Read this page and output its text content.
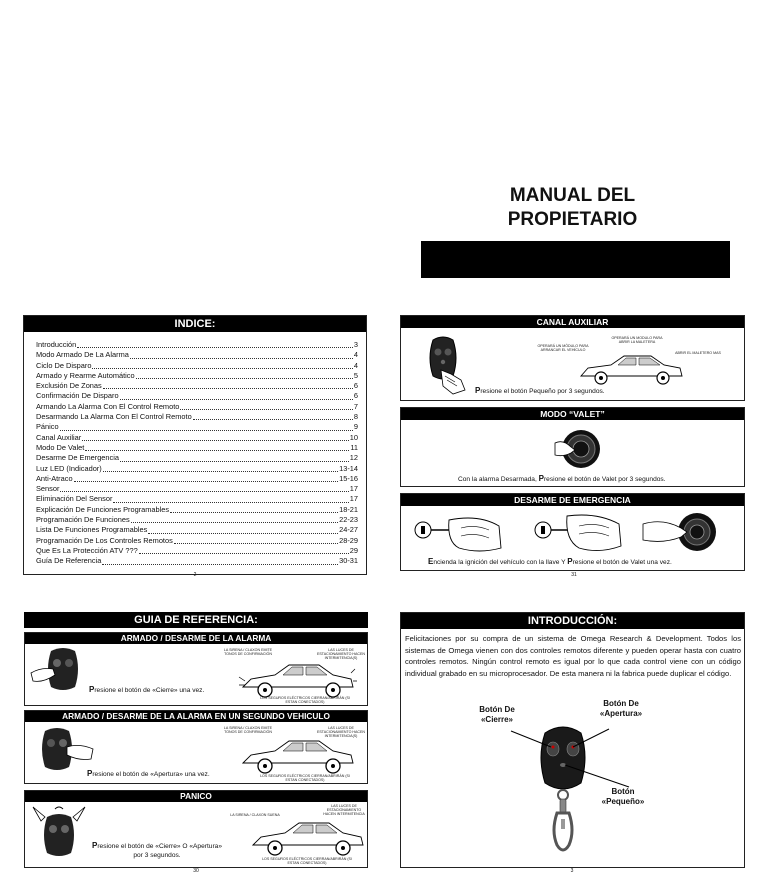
MANUAL DEL
PROPIETARIO
INDICE:
Introducción	3
Modo Armado De La Alarma	4
Ciclo De Disparo	4
Armado y Rearme Automático	5
Exclusión De Zonas	6
Confirmación De Disparo	6
Armando La Alarma Con El Control Remoto	7
Desarmando La Alarma Con El Control Remoto	8
Pánico	9
Canal Auxiliar	10
Modo De Valet	11
Desarme De Emergencia	12
Luz LED (Indicador)	13-14
Anti-Atraco	15-16
Sensor	17
Eliminación Del Sensor	17
Explicación De Funciones Programables	18-21
Programación De Funciones	22-23
Lista De Funciones Programables	24-27
Programación De Los Controles Remotos	28-29
Que Es La Protección ATV ???	29
Guía De Referencia	30-31
2
CANAL AUXILIAR
OPERARÁ UN MODULO PARA ABRIR LA MALETERA
OPERARÁ UN MÓDULO PARA ARRANCAR EL VEHÍCULO
ABRIR EL MALETERO MAS
Presione el botón Pequeño por 3 segundos.
MODO “VALET”
Con la alarma Desarmada, Presione el botón de Valet por 3 segundos.
DESARME DE EMERGENCIA
Encienda la ignición del vehículo con la llave Y Presione el botón de Valet una vez.
31
GUIA DE REFERENCIA:
ARMADO / DESARME DE LA ALARMA
LA SIRENA / CLAXON EMITE TONOS DE CONFIRMACIÓN
LAS LUCES DE ESTACIONAMIENTO HACEN INTERMITENCIA(S)
LOS SEGUROS ELÉCTRICOS CIERRAN/ABRIRÁN (SI ESTAN CONECTADOS)
Presione el botón de «Cierre» una vez.
ARMADO / DESARME DE LA ALARMA EN UN SEGUNDO VEHICULO
LA SIRENA / CLAXON EMITE TONOS DE CONFIRMACIÓN
LAS LUCES DE ESTACIONAMIENTO HACEN INTERMITENCIA(S)
LOS SEGUROS ELÉCTRICOS CIERRAN/ABRIRÁN (SI ESTAN CONECTADOS)
Presione el botón de «Apertura» una vez.
PANICO
LA SIRENA / CLAXON SUENA
LAS LUCES DE ESTACIONAMIENTO HACEN INTERMITENCIA
LOS SEGUROS ELÉCTRICOS CIERRAN/ABRIRÁN (SI ESTAN CONECTADOS)
Presione el botón de «Cierre» O «Apertura»
por 3 segundos.
30
INTRODUCCIÓN:
Felicitaciones por su compra de un sistema de Omega Research & Development. Todos los sistemas de Omega vienen con dos controles remotos diferente y pueden operar hasta con cuatro controles remotos. Ningún control remoto es igual por lo que cada control viene con un código individual grabado en su microprocesador. De esta manera ni la fabrica puede duplicar el código.
Botón De
«Cierre»
Botón De
«Apertura»
Botón
«Pequeño»
3
